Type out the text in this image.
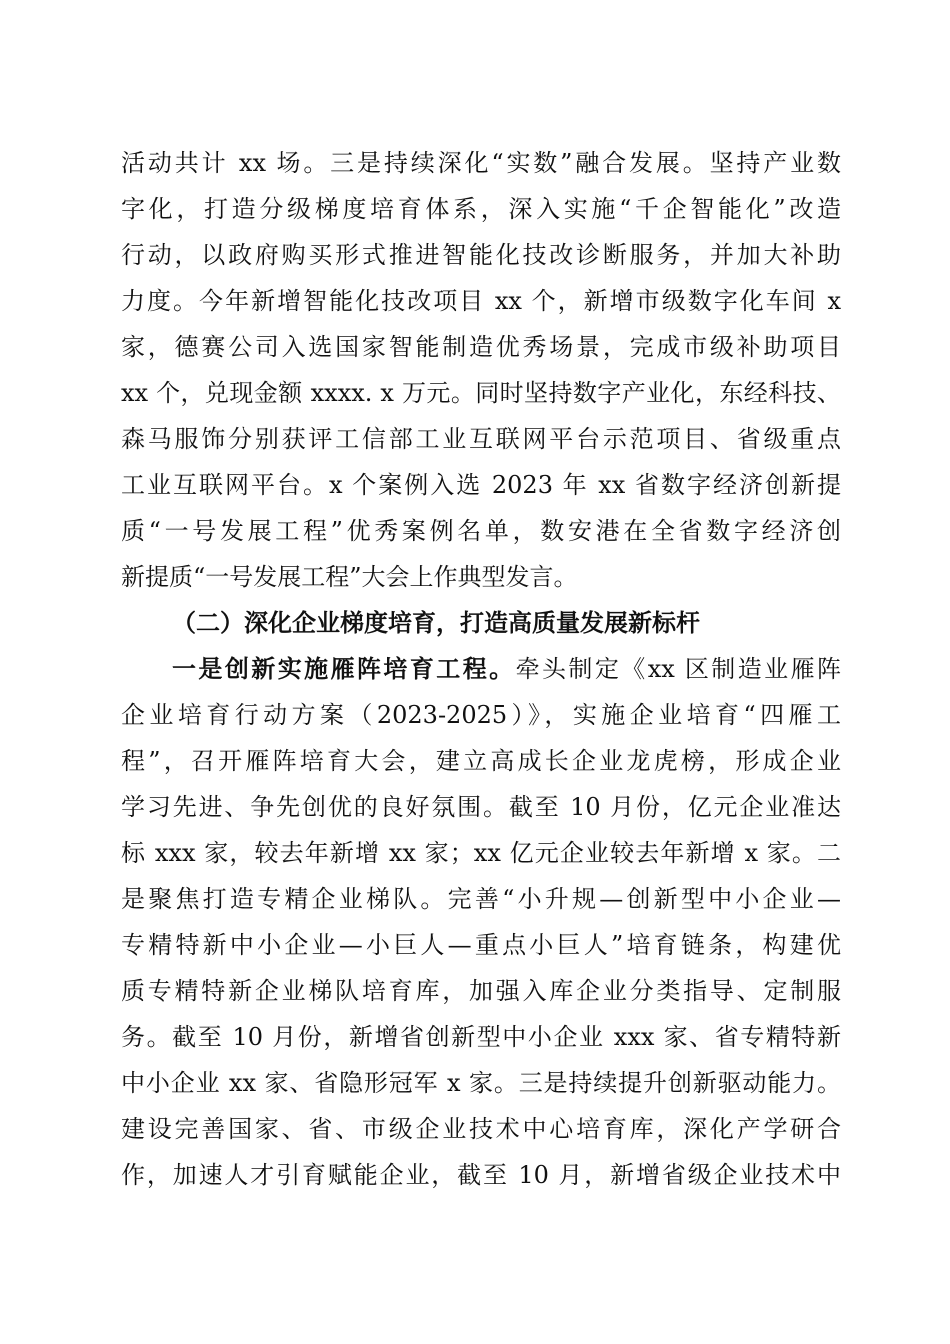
活动共计 xx 场。三是持续深化“实数”融合发展。坚持产业数
字化，打造分级梯度培育体系，深入实施“千企智能化”改造
行动，以政府购买形式推进智能化技改诊断服务，并加大补助
力度。今年新增智能化技改项目 xx 个，新增市级数字化车间 x
家，德赛公司入选国家智能制造优秀场景，完成市级补助项目
xx 个，兑现金额 xxxx. x 万元。同时坚持数字产业化，东经科技、
森马服饰分别获评工信部工业互联网平台示范项目、省级重点
工业互联网平台。x 个案例入选 2023 年 xx 省数字经济创新提
质“一号发展工程”优秀案例名单，数安港在全省数字经济创
新提质“一号发展工程”大会上作典型发言。
（二）深化企业梯度培育，打造高质量发展新标杆
一是创新实施雁阵培育工程。牵头制定《xx 区制造业雁阵
企业培育行动方案（2023-2025）》，实施企业培育“四雁工
程”，召开雁阵培育大会，建立高成长企业龙虎榜，形成企业
学习先进、争先创优的良好氛围。截至 10 月份，亿元企业准达
标 xxx 家，较去年新增 xx 家；xx 亿元企业较去年新增 x 家。二
是聚焦打造专精企业梯队。完善“小升规—创新型中小企业—
专精特新中小企业—小巨人—重点小巨人”培育链条，构建优
质专精特新企业梯队培育库，加强入库企业分类指导、定制服
务。截至 10 月份，新增省创新型中小企业 xxx 家、省专精特新
中小企业 xx 家、省隐形冠军 x 家。三是持续提升创新驱动能力。
建设完善国家、省、市级企业技术中心培育库，深化产学研合
作，加速人才引育赋能企业，截至 10 月，新增省级企业技术中
